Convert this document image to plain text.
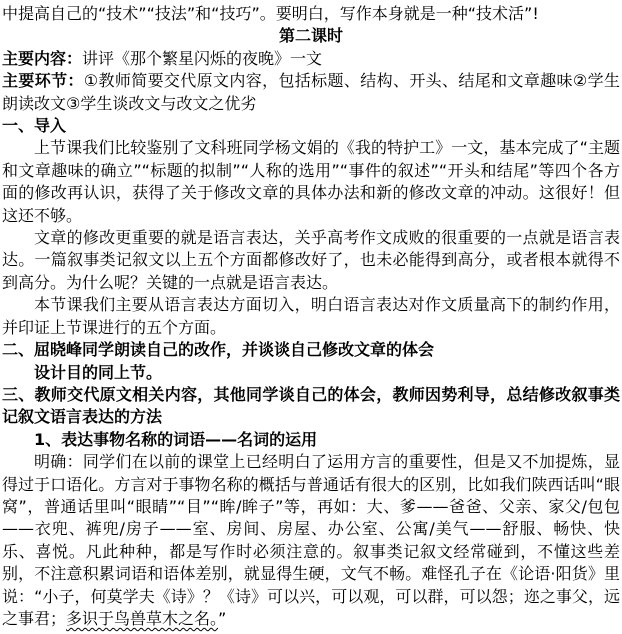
中提高自己的“技术”“技法”和“技巧”。要明白，写作本身就是一种“技术活”!

第二课时

主要内容：讲评《那个繁星闪烁的夜晚》一文

主要环节：①教师简要交代原文内容，包括标题、结构、开头、结尾和文章趣味②学生朗读改文③学生谈改文与改文之优劣

一、导入

上节课我们比较鉴别了文科班同学杨文娟的《我的特护工》一文，基本完成了“主题和文章趣味的确立”“标题的拟制”“人称的选用”“事件的叙述”“开头和结尾”等四个各方面的修改再认识，获得了关于修改文章的具体办法和新的修改文章的冲动。这很好！但这还不够。

文章的修改更重要的就是语言表达，关乎高考作文成败的很重要的一点就是语言表达。一篇叙事类记叙文以上五个方面都修改好了，也未必能得到高分，或者根本就得不到高分。为什么呢？关键的一点就是语言表达。

本节课我们主要从语言表达方面切入，明白语言表达对作文质量高下的制约作用，并印证上节课进行的五个方面。

二、屈晓峰同学朗读自己的改作，并谈谈自己修改文章的体会

设计目的同上节。

三、教师交代原文相关内容，其他同学谈自己的体会，教师因势利导，总结修改叙事类记叙文语言表达的方法

1、表达事物名称的词语——名词的运用

明确：同学们在以前的课堂上已经明白了运用方言的重要性，但是又不加提炼，显得过于口语化。方言对于事物名称的概括与普通话有很大的区别，比如我们陕西话叫“眼窝”，普通话里叫“眼睛”“目”“眸/眸子”等，再如：大、爹——爸爸、父亲、家父/包包——衣兜、裤兜/房子——室、房间、房屋、办公室、公寓/美气——舒服、畅快、快乐、喜悦。凡此种种，都是写作时必须注意的。叙事类记叙文经常碰到，不懂这些差别，不注意积累词语和语体差别，就显得生硬，文气不畅。难怪孔子在《论语·阳货》里说：“小子，何莫学夫《诗》？《诗》可以兴，可以观，可以群，可以怨；迩之事父，远之事君；多识于鸟兽草木之名。”
